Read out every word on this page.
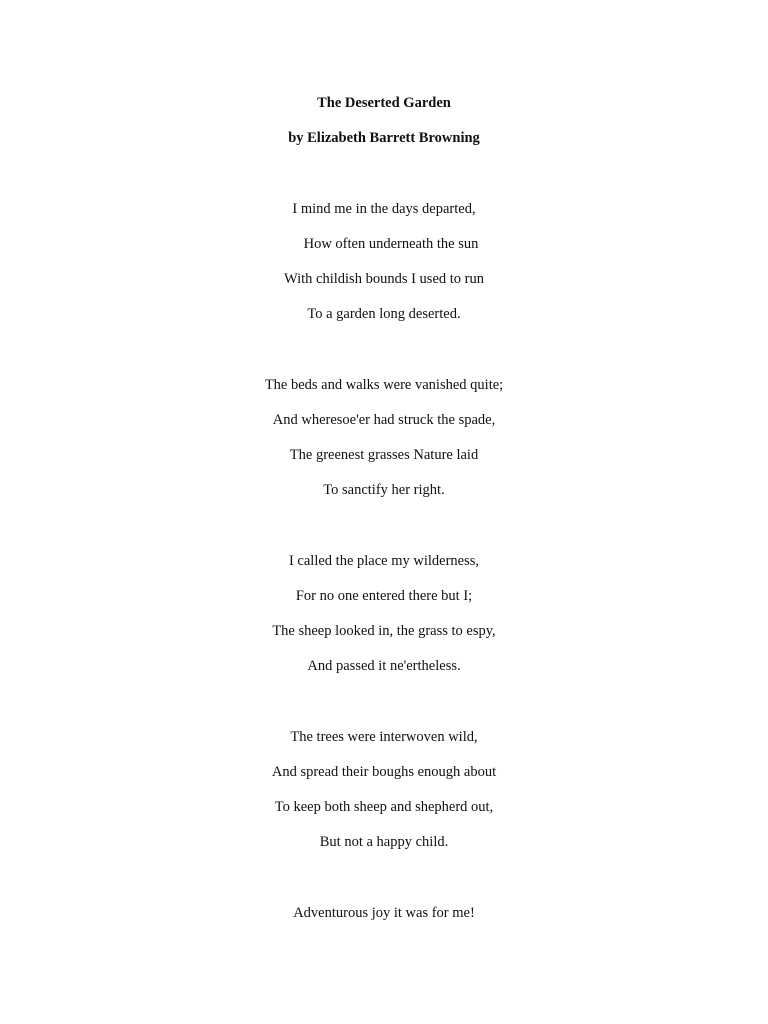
The Deserted Garden
by Elizabeth Barrett Browning
I mind me in the days departed,
How often underneath the sun
With childish bounds I used to run
To a garden long deserted.
The beds and walks were vanished quite;
And wheresoe'er had struck the spade,
The greenest grasses Nature laid
To sanctify her right.
I called the place my wilderness,
For no one entered there but I;
The sheep looked in, the grass to espy,
And passed it ne'ertheless.
The trees were interwoven wild,
And spread their boughs enough about
To keep both sheep and shepherd out,
But not a happy child.
Adventurous joy it was for me!
